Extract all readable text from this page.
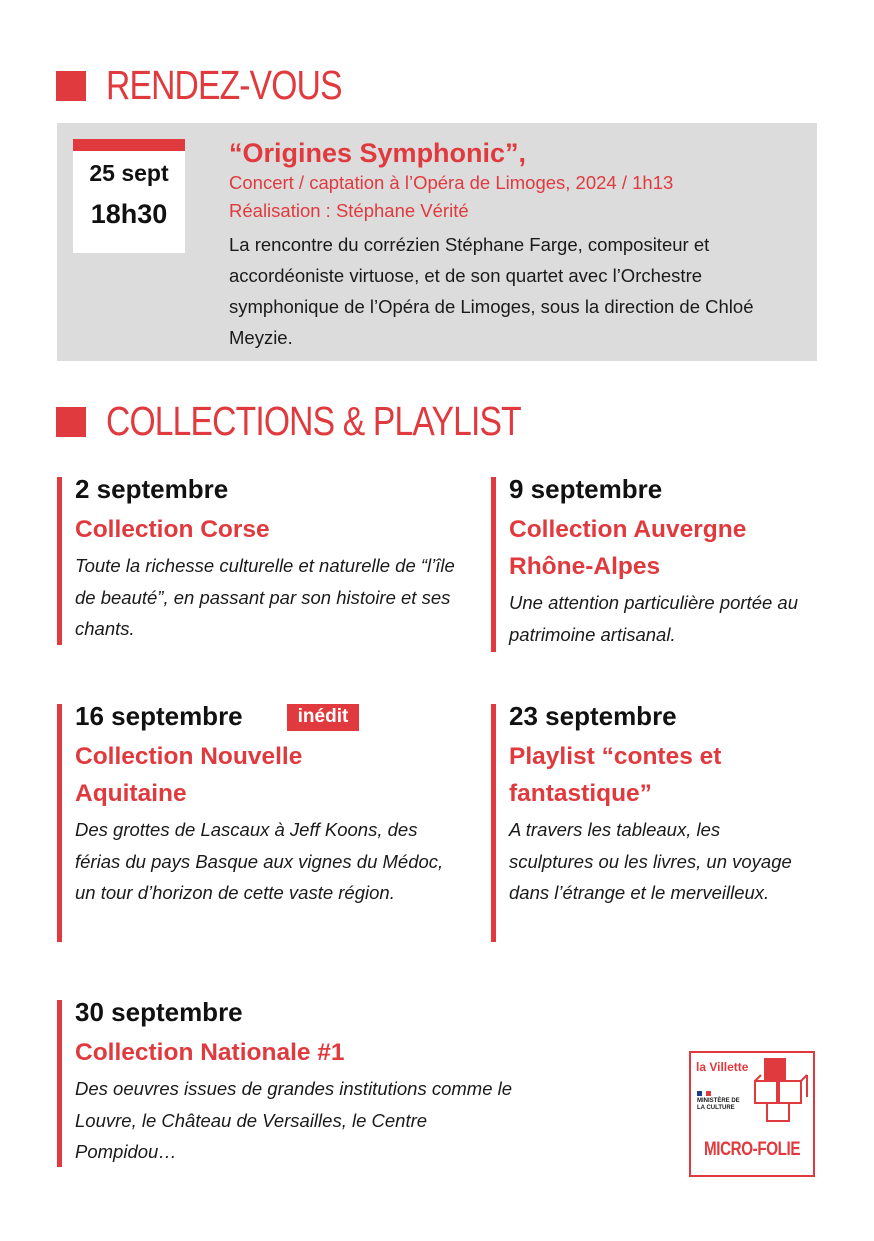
RENDEZ-VOUS
25 sept
18h30
“Origines Symphonic”,
Concert / captation à l’Opéra de Limoges, 2024 / 1h13
Réalisation : Stéphane Vérité
La rencontre du corrézien Stéphane Farge, compositeur et accordéoniste virtuose, et de son quartet avec l’Orchestre symphonique de l’Opéra de Limoges, sous la direction de Chloé Meyzie.
COLLECTIONS & PLAYLIST
2 septembre
Collection Corse
Toute la richesse culturelle et naturelle de “l’île de beauté”, en passant par son histoire et ses chants.
9 septembre
Collection Auvergne Rhône-Alpes
Une attention particulière portée au patrimoine artisanal.
16 septembre	inédit
Collection Nouvelle Aquitaine
Des grottes de Lascaux à Jeff Koons, des férias du pays Basque aux vignes du Médoc, un tour d’horizon de cette vaste région.
23 septembre
Playlist “contes et fantastique”
A travers les tableaux, les sculptures ou les livres, un voyage dans l’étrange et le merveilleux.
30 septembre
Collection Nationale #1
Des oeuvres issues de grandes institutions comme le Louvre, le Château de Versailles, le Centre Pompidou…
la Villette
MINISTÈRE DE LA CULTURE
MICRO-FOLIE
